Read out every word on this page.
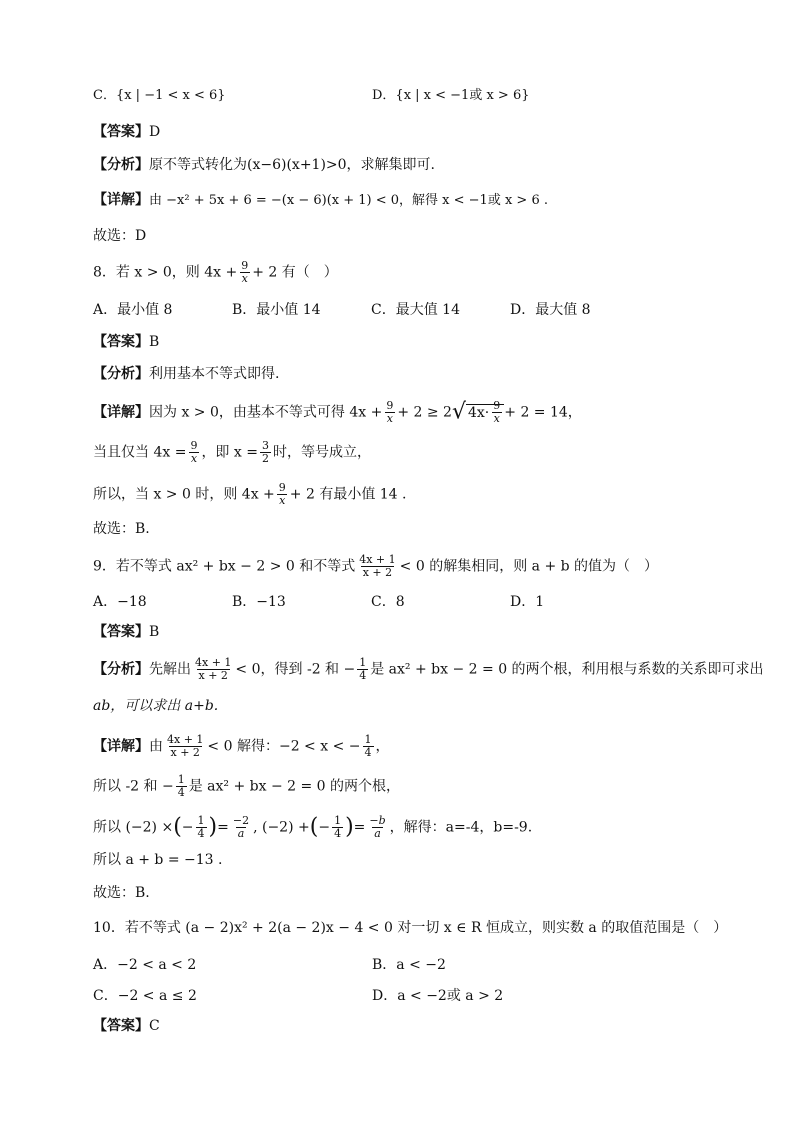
C．{x | −1 < x < 6}	D．{x | x < −1或 x > 6}
【答案】D
【分析】原不等式转化为(x−6)(x+1)>0，求解集即可.
【详解】由 −x² + 5x + 6 = −(x − 6)(x + 1) < 0，解得 x < −1或 x > 6 .
故选：D
8．若 x > 0，则 $4x + \frac{9}{x} + 2$ 有（　）
A．最小值 8	B．最小值 14	C．最大值 14	D．最大值 8
【答案】B
【分析】利用基本不等式即得.
【详解】因为 x > 0，由基本不等式可得 $4x + \frac{9}{x} + 2 \ge 2√$ $4x\cdot \frac{9}{x} + 2 = 14$，
当且仅当 $4x = \frac{9}{x}$ ，即 $x = \frac{3}{2}$ 时，等号成立，
所以，当 x > 0 时，则 $4x + \frac{9}{x} + 2$ 有最小值 14 .
故选：B.
9．若不等式 ax² + bx − 2 > 0 和不等式 $\frac{4x + 1}{x + 2} < 0$ 的解集相同，则 a + b 的值为（　）
A．−18	B．−13	C．8	D．1
【答案】B
【分析】先解出 $\frac{4x + 1}{x + 2} < 0$，得到 -2 和 − $\frac{1}{4}$ 是 ax² + bx − 2 = 0 的两个根，利用根与系数的关系即可求出
ab，可以求出 a+b.
【详解】由 $\frac{4x + 1}{x + 2} < 0$ 解得：−2 < x < − $\frac{1}{4}$ ，
所以 -2 和 − $\frac{1}{4}$ 是 ax² + bx − 2 = 0 的两个根，
所以 (−2) ×(− $\frac{1}{4}$ )= $\frac{-2}{a}$ , (−2) +(− $\frac{1}{4}$ )= $\frac{-b}{a}$ ，解得：a=-4，b=-9.
所以 a + b = −13 .
故选：B.
10．若不等式 (a − 2)x² + 2(a − 2)x − 4 < 0 对一切 x ∈ R 恒成立，则实数 a 的取值范围是（　）
A．−2 < a < 2	B．a < −2
C．−2 < a ≤ 2	D．a < −2或 a > 2
【答案】C
